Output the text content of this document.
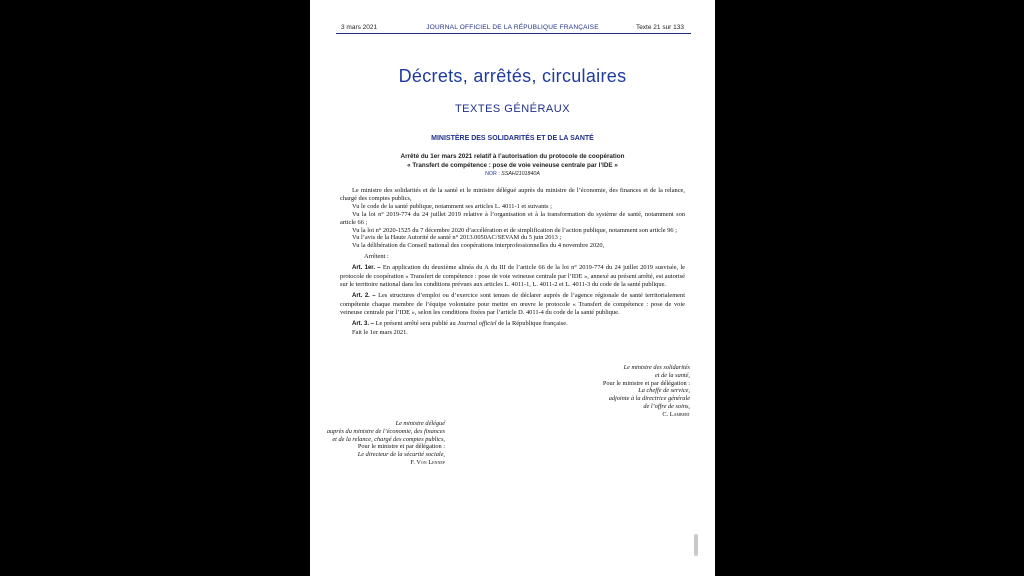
3 mars 2021	JOURNAL OFFICIEL DE LA RÉPUBLIQUE FRANÇAISE	Texte 21 sur 133
Décrets, arrêtés, circulaires
TEXTES GÉNÉRAUX
MINISTÈRE DES SOLIDARITÉS ET DE LA SANTÉ
Arrêté du 1er mars 2021 relatif à l’autorisation du protocole de coopération
« Transfert de compétence : pose de voie veineuse centrale par l’IDE »
NOR : SSAH2101840A

Le ministre des solidarités et de la santé et le ministre délégué auprès du ministre de l’économie, des finances et de la relance, chargé des comptes publics,

Vu le code de la santé publique, notamment ses articles L. 4011-1 et suivants ;

Vu la loi n° 2019-774 du 24 juillet 2019 relative à l’organisation et à la transformation du système de santé, notamment son article 66 ;

Vu la loi n° 2020-1525 du 7 décembre 2020 d’accélération et de simplification de l’action publique, notamment son article 96 ;

Vu l’avis de la Haute Autorité de santé n° 2013.0050AC/SEVAM du 5 juin 2013 ;

Vu la délibération du Conseil national des coopérations interprofessionnelles du 4 novembre 2020,

Arrêtent :

Art. 1er. – En application du deuxième alinéa du A du III de l’article 66 de la loi n° 2019-774 du 24 juillet 2019 susvisée, le protocole de coopération « Transfert de compétence : pose de voie veineuse centrale par l’IDE », annexé au présent arrêté, est autorisé sur le territoire national dans les conditions prévues aux articles L. 4011-1, L. 4011-2 et L. 4011-3 du code de la santé publique.

Art. 2. – Les structures d’emploi ou d’exercice sont tenues de déclarer auprès de l’agence régionale de santé territorialement compétente chaque membre de l’équipe volontaire pour mettre en œuvre le protocole « Transfert de compétence : pose de voie veineuse centrale par l’IDE », selon les conditions fixées par l’article D. 4011-4 du code de la santé publique.

Art. 3. – Le présent arrêté sera publié au Journal officiel de la République française.

Fait le 1er mars 2021.

Le ministre des solidarités
et de la santé,
Pour le ministre et par délégation :
La cheffe de service,
adjointe à la directrice générale
de l’offre de soins,
C. Lambert
Le ministre délégué
auprès du ministre de l’économie, des finances
et de la relance, chargé des comptes publics,
Pour le ministre et par délégation :
Le directeur de la sécurité sociale,
F. Von Lennep
